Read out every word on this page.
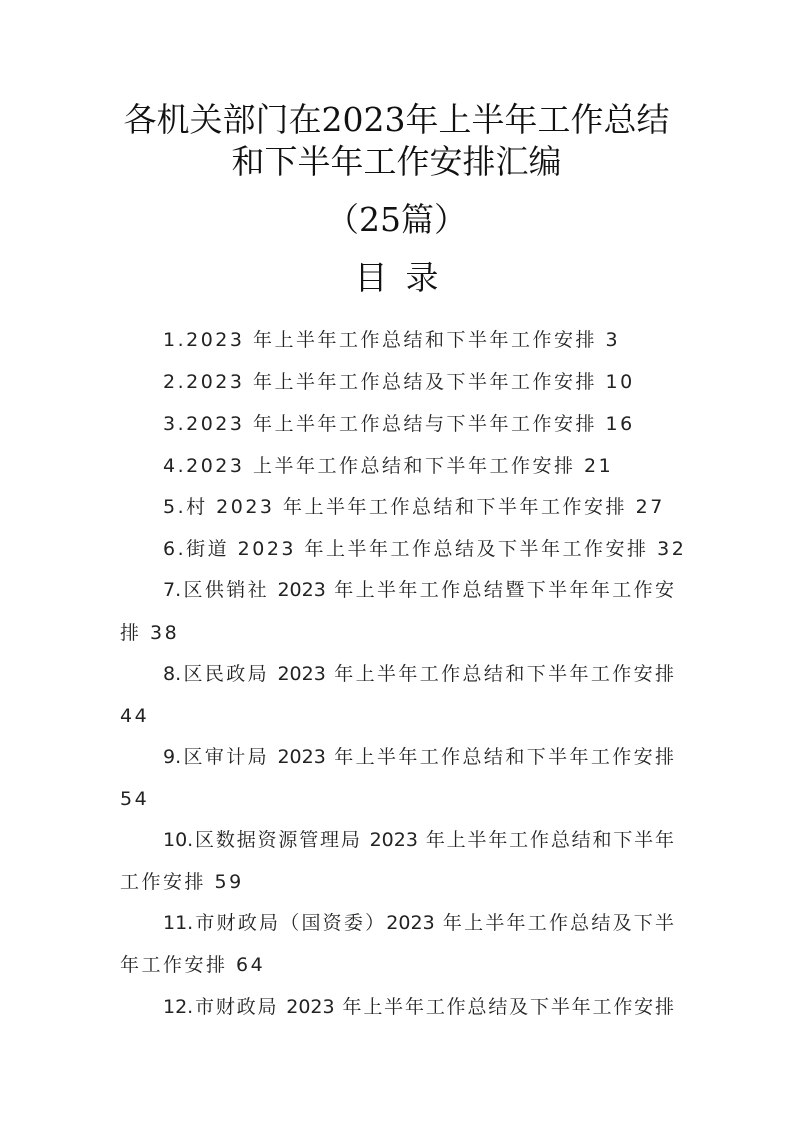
各机关部门在2023年上半年工作总结
和下半年工作安排汇编
（25篇）
目录
1.2023 年上半年工作总结和下半年工作安排 3
2.2023 年上半年工作总结及下半年工作安排 10
3.2023 年上半年工作总结与下半年工作安排 16
4.2023 上半年工作总结和下半年工作安排 21
5.村 2023 年上半年工作总结和下半年工作安排 27
6.街道 2023 年上半年工作总结及下半年工作安排 32
7.区供销社 2023 年上半年工作总结暨下半年年工作安
排 38
8.区民政局 2023 年上半年工作总结和下半年工作安排
44
9.区审计局 2023 年上半年工作总结和下半年工作安排
54
10.区数据资源管理局 2023 年上半年工作总结和下半年
工作安排 59
11.市财政局（国资委）2023 年上半年工作总结及下半
年工作安排 64
12.市财政局 2023 年上半年工作总结及下半年工作安排
